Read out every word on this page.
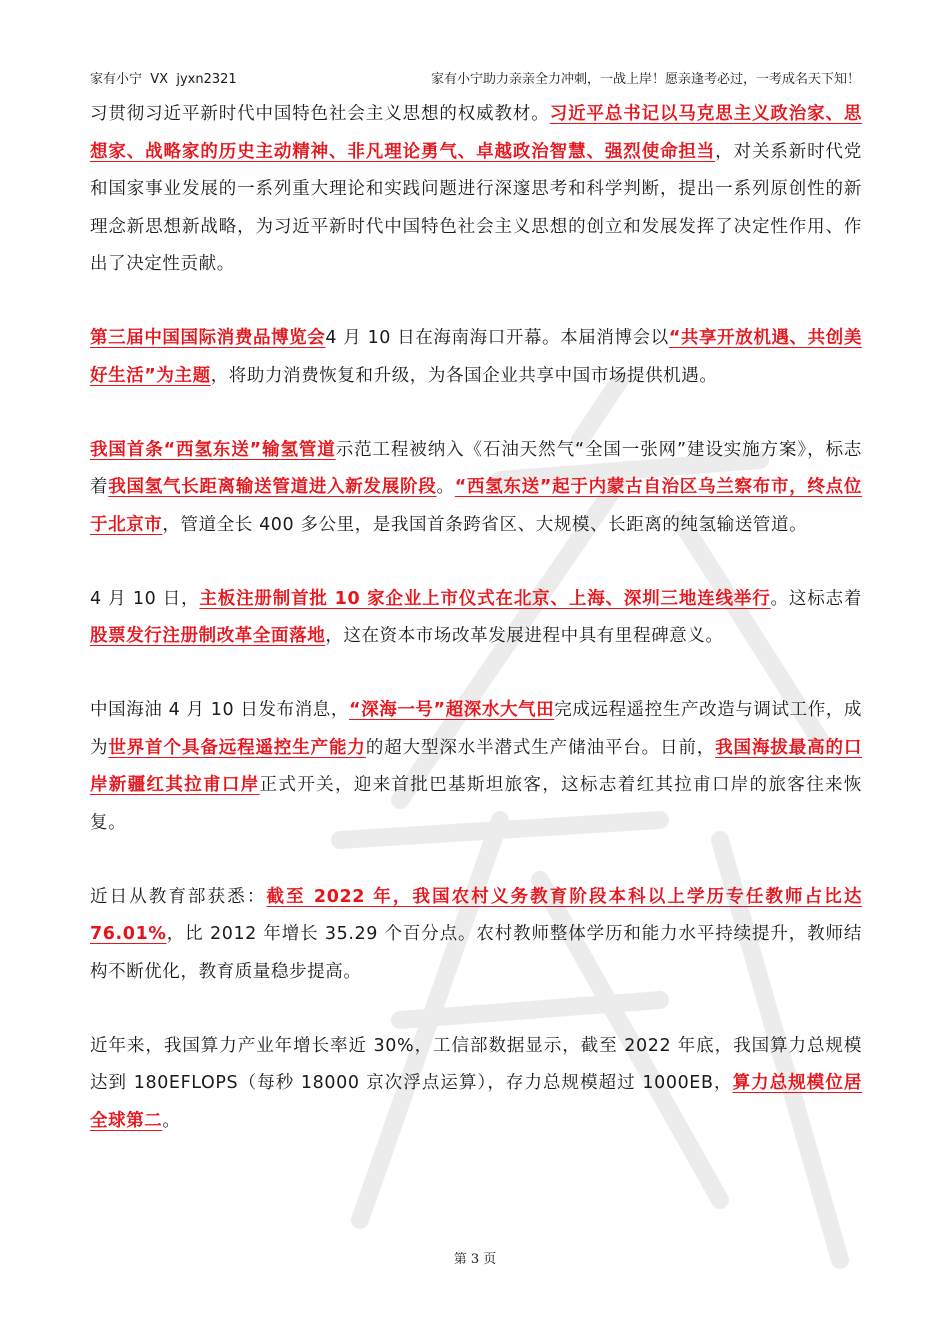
家有小宁  VX  jyxn2321	家有小宁助力亲亲全力冲刺，一战上岸！愿亲逢考必过，一考成名天下知！

习贯彻习近平新时代中国特色社会主义思想的权威教材。习近平总书记以马克思主义政治家、思想家、战略家的历史主动精神、非凡理论勇气、卓越政治智慧、强烈使命担当，对关系新时代党和国家事业发展的一系列重大理论和实践问题进行深邃思考和科学判断，提出一系列原创性的新理念新思想新战略，为习近平新时代中国特色社会主义思想的创立和发展发挥了决定性作用、作出了决定性贡献。

第三届中国国际消费品博览会4 月 10 日在海南海口开幕。本届消博会以“共享开放机遇、共创美好生活”为主题，将助力消费恢复和升级，为各国企业共享中国市场提供机遇。

我国首条“西氢东送”输氢管道示范工程被纳入《石油天然气“全国一张网”建设实施方案》，标志着我国氢气长距离输送管道进入新发展阶段。“西氢东送”起于内蒙古自治区乌兰察布市，终点位于北京市，管道全长 400 多公里，是我国首条跨省区、大规模、长距离的纯氢输送管道。

4 月 10 日，主板注册制首批 10 家企业上市仪式在北京、上海、深圳三地连线举行。这标志着股票发行注册制改革全面落地，这在资本市场改革发展进程中具有里程碑意义。

中国海油 4 月 10 日发布消息，“深海一号”超深水大气田完成远程遥控生产改造与调试工作，成为世界首个具备远程遥控生产能力的超大型深水半潜式生产储油平台。日前，我国海拔最高的口岸新疆红其拉甫口岸正式开关，迎来首批巴基斯坦旅客，这标志着红其拉甫口岸的旅客往来恢复。

近日从教育部获悉：截至 2022 年，我国农村义务教育阶段本科以上学历专任教师占比达 76.01%，比 2012 年增长 35.29 个百分点。农村教师整体学历和能力水平持续提升，教师结构不断优化，教育质量稳步提高。

近年来，我国算力产业年增长率近 30%，工信部数据显示，截至 2022 年底，我国算力总规模达到 180EFLOPS（每秒 18000 京次浮点运算），存力总规模超过 1000EB，算力总规模位居全球第二。

第 3 页
